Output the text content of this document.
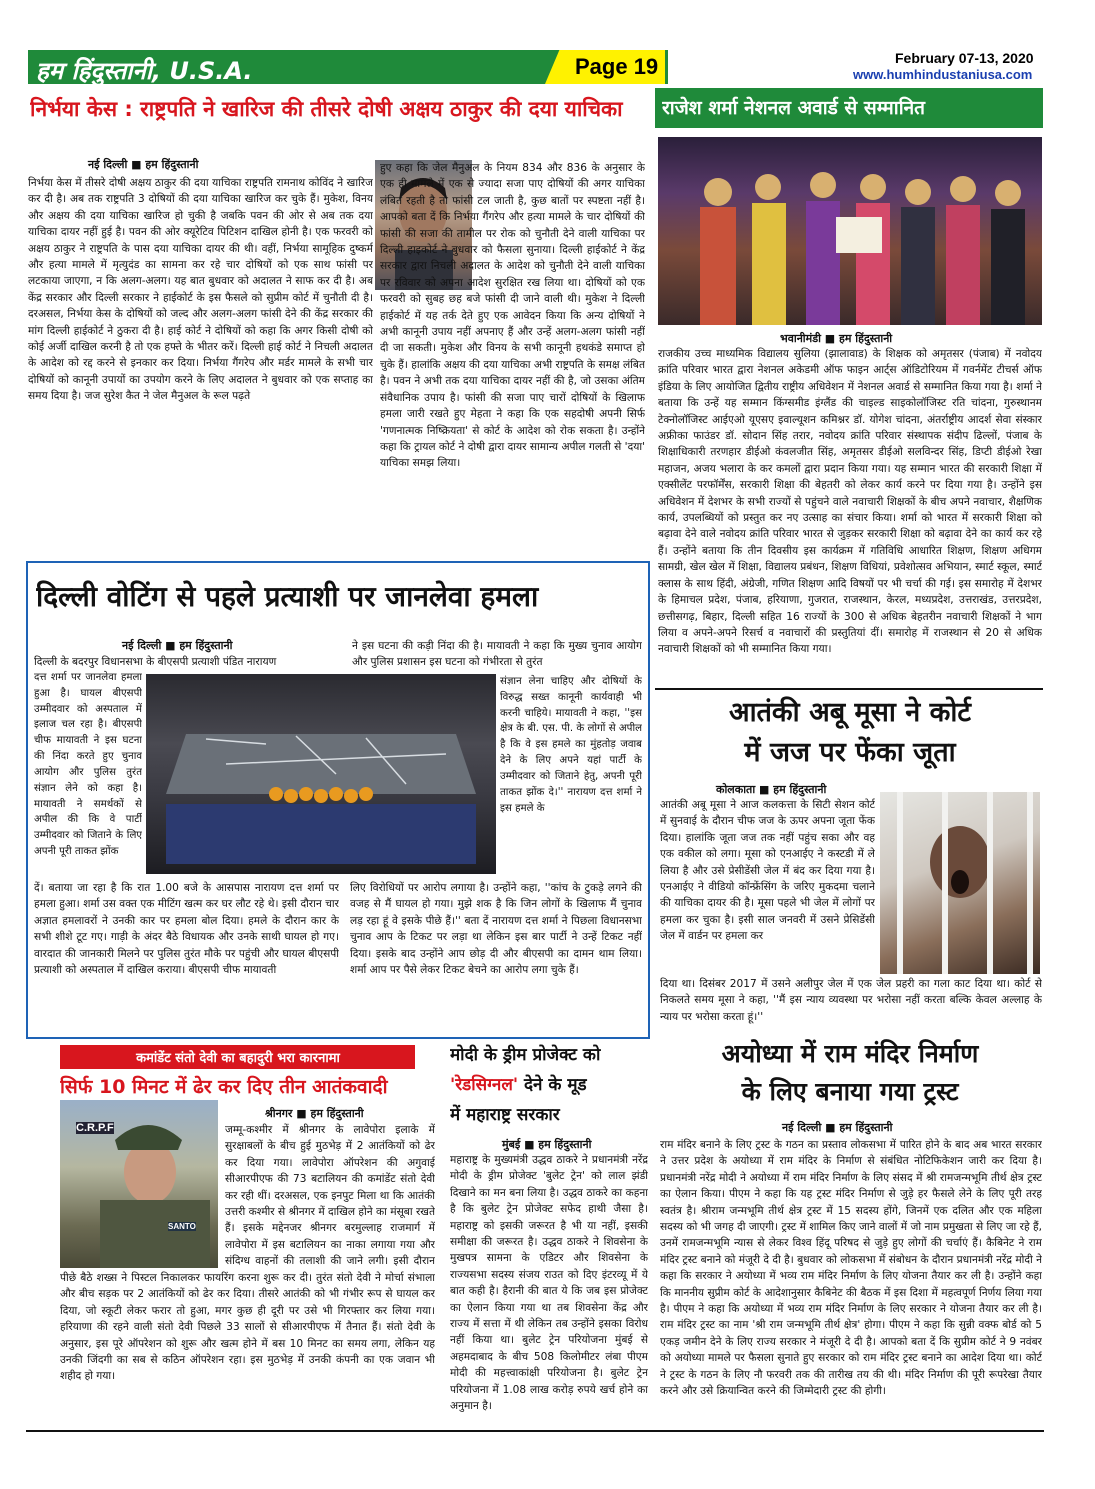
हम हिंदुस्तानी, U.S.A.	Page 19	February 07-13, 2020
www.humhindustaniusa.com
निर्भया केस : राष्ट्रपति ने खारिज की तीसरे दोषी अक्षय ठाकुर की दया याचिका
नई दिल्ली ■ हम हिंदुस्तानी
निर्भया केस में तीसरे दोषी अक्षय ठाकुर की दया याचिका राष्ट्रपति रामनाथ कोविंद ने खारिज कर दी है। अब तक राष्ट्रपति 3 दोषियों की दया याचिका खारिज कर चुके हैं। मुकेश, विनय और अक्षय की दया याचिका खारिज हो चुकी है जबकि पवन की ओर से अब तक दया याचिका दायर नहीं हुई है। पवन की ओर क्यूरेटिव पिटिशन दाखिल होनी है। एक फरवरी को अक्षय ठाकुर ने राष्ट्रपति के पास दया याचिका दायर की थी। वहीं, निर्भया सामूहिक दुष्कर्म और हत्या मामले में मृत्युदंड का सामना कर रहे चार दोषियों को एक साथ फांसी पर लटकाया जाएगा, न कि अलग-अलग। यह बात बुधवार को अदालत ने साफ कर दी है। अब केंद्र सरकार और दिल्ली सरकार ने हाईकोर्ट के इस फैसले को सुप्रीम कोर्ट में चुनौती दी है। दरअसल, निर्भया केस के दोषियों को जल्द और अलग-अलग फांसी देने की केंद्र सरकार की मांग दिल्ली हाईकोर्ट ने ठुकरा दी है। हाई कोर्ट ने दोषियों को कहा कि अगर किसी दोषी को कोई अर्जी दाखिल करनी है तो एक हफ्ते के भीतर करें। दिल्ली हाई कोर्ट ने निचली अदालत के आदेश को रद्द करने से इनकार कर दिया। निर्भया गैंगरेप और मर्डर मामले के सभी चार दोषियों को कानूनी उपायों का उपयोग करने के लिए अदालत ने बुधवार को एक सप्ताह का समय दिया है। जज सुरेश कैत ने जेल मैनुअल के रूल पढ़ते
हुए कहा कि जेल मैनुअल के नियम 834 और 836 के अनुसार के एक ही मामले में एक से ज्यादा सजा पाए दोषियों की अगर याचिका लंबित रहती है तो फांसी टल जाती है, कुछ बातों पर स्पष्टता नहीं है। आपको बता दें कि निर्भया गैंगरेप और हत्या मामले के चार दोषियों की फांसी की सजा की तामील पर रोक को चुनौती देने वाली याचिका पर दिल्ली हाइकोर्ट ने बुधवार को फैसला सुनाया। दिल्ली हाईकोर्ट ने केंद्र सरकार द्वारा निचली अदालत के आदेश को चुनौती देने वाली याचिका पर रविवार को अपना आदेश सुरक्षित रख लिया था। दोषियों को एक फरवरी को सुबह छह बजे फांसी दी जाने वाली थी। मुकेश ने दिल्ली हाईकोर्ट में यह तर्क देते हुए एक आवेदन किया कि अन्य दोषियों ने अभी कानूनी उपाय नहीं अपनाए हैं और उन्हें अलग-अलग फांसी नहीं दी जा सकती। मुकेश और विनय के सभी कानूनी हथकंडे समाप्त हो चुके हैं। हालांकि अक्षय की दया याचिका अभी राष्ट्रपति के समक्ष लंबित है। पवन ने अभी तक दया याचिका दायर नहीं की है, जो उसका अंतिम संवैधानिक उपाय है। फांसी की सजा पाए चारों दोषियों के खिलाफ हमला जारी रखते हुए मेहता ने कहा कि एक सहदोषी अपनी सिर्फ 'गणनात्मक निष्क्रियता' से कोर्ट के आदेश को रोक सकता है। उन्होंने कहा कि ट्रायल कोर्ट ने दोषी द्वारा दायर सामान्य अपील गलती से 'दया' याचिका समझ लिया।
राजेश शर्मा नेशनल अवार्ड से सम्मानित
भवानीमंडी ■ हम हिंदुस्तानी
राजकीय उच्च माध्यमिक विद्यालय सुलिया (झालावाड) के शिक्षक को अमृतसर (पंजाब) में नवोदय क्रांति परिवार भारत द्वारा नेशनल अकेडमी ऑफ फाइन आर्ट्स ऑडिटोरियम में गवर्नमेंट टीचर्स ऑफ इंडिया के लिए आयोजित द्वितीय राष्ट्रीय अधिवेशन में नेशनल अवार्ड से सम्मानित किया गया है। शर्मा ने बताया कि उन्हें यह सम्मान किंग्समीड इंग्लैंड की चाइल्ड साइकोलॉजिस्ट रति चांदना, गुरुस्थानम टेक्नोलॉजिस्ट आईएओ यूएसए इवाल्यूशन कमिश्नर डॉ. योगेश चांदना, अंतर्राष्ट्रीय आदर्श सेवा संस्कार अफ्रीका फाउंडर डॉ. सोदान सिंह तरार, नवोदय क्रांति परिवार संस्थापक संदीप ढिल्लों, पंजाब के शिक्षाधिकारी तरणहार डीईओ कंवलजीत सिंह, अमृतसर डीईओ सलविन्दर सिंह, डिप्टी डीईओ रेखा महाजन, अजय भलारा के कर कमलों द्वारा प्रदान किया गया। यह सम्मान भारत की सरकारी शिक्षा में एक्सीलेंट परफॉर्मेंस, सरकारी शिक्षा की बेहतरी को लेकर कार्य करने पर दिया गया है। उन्होंने इस अधिवेशन में देशभर के सभी राज्यों से पहुंचने वाले नवाचारी शिक्षकों के बीच अपने नवाचार, शैक्षणिक कार्य, उपलब्धियों को प्रस्तुत कर नए उत्साह का संचार किया। शर्मा को भारत में सरकारी शिक्षा को बढ़ावा देने वाले नवोदय क्रांति परिवार भारत से जुड़कर सरकारी शिक्षा को बढ़ावा देने का कार्य कर रहे हैं। उन्होंने बताया कि तीन दिवसीय इस कार्यक्रम में गतिविधि आधारित शिक्षण, शिक्षण अधिगम सामग्री, खेल खेल में शिक्षा, विद्यालय प्रबंधन, शिक्षण विधियां, प्रवेशोत्सव अभियान, स्मार्ट स्कूल, स्मार्ट क्लास के साथ हिंदी, अंग्रेजी, गणित शिक्षण आदि विषयों पर भी चर्चा की गई। इस समारोह में देशभर के हिमाचल प्रदेश, पंजाब, हरियाणा, गुजरात, राजस्थान, केरल, मध्यप्रदेश, उत्तराखंड, उत्तरप्रदेश, छत्तीसगढ़, बिहार, दिल्ली सहित 16 राज्यों के 300 से अधिक बेहतरीन नवाचारी शिक्षकों ने भाग लिया व अपने-अपने रिसर्च व नवाचारों की प्रस्तुतियां दीं। समारोह में राजस्थान से 20 से अधिक नवाचारी शिक्षकों को भी सम्मानित किया गया।
दिल्ली वोटिंग से पहले प्रत्याशी पर जानलेवा हमला
नई दिल्ली ■ हम हिंदुस्तानी
दिल्ली के बदरपुर विधानसभा के बीएसपी प्रत्याशी पंडित नारायण
दत्त शर्मा पर जानलेवा हमला हुआ है। घायल बीएसपी उम्मीदवार को अस्पताल में इलाज चल रहा है। बीएसपी चीफ मायावती ने इस घटना की निंदा करते हुए चुनाव आयोग और पुलिस तुरंत संज्ञान लेने को कहा है। मायावती ने समर्थकों से अपील की कि वे पार्टी उम्मीदवार को जिताने के लिए अपनी पूरी ताकत झोंक
ने इस घटना की कड़ी निंदा की है। मायावती ने कहा कि मुख्य चुनाव आयोग और पुलिस प्रशासन इस घटना को गंभीरता से तुरंत
संज्ञान लेना चाहिए और दोषियों के विरुद्ध सख्त कानूनी कार्यवाही भी करनी चाहिये। मायावती ने कहा, ''इस क्षेत्र के बी. एस. पी. के लोगों से अपील है कि वे इस हमले का मुंहतोड़ जवाब देने के लिए अपने यहां पार्टी के उम्मीदवार को जिताने हेतु, अपनी पूरी ताकत झोंक दे।'' नारायण दत्त शर्मा ने इस हमले के
दें। बताया जा रहा है कि रात 1.00 बजे के आसपास नारायण दत्त शर्मा पर हमला हुआ। शर्मा उस वक्त एक मीटिंग खत्म कर घर लौट रहे थे। इसी दौरान चार अज्ञात हमलावरों ने उनकी कार पर हमला बोल दिया। हमले के दौरान कार के सभी शीशे टूट गए। गाड़ी के अंदर बैठे विधायक और उनके साथी घायल हो गए। वारदात की जानकारी मिलने पर पुलिस तुरंत मौके पर पहुंची और घायल बीएसपी प्रत्याशी को अस्पताल में दाखिल कराया। बीएसपी चीफ मायावती
लिए विरोधियों पर आरोप लगाया है। उन्होंने कहा, ''कांच के टुकड़े लगने की वजह से मैं घायल हो गया। मुझे शक है कि जिन लोगों के खिलाफ मैं चुनाव लड़ रहा हूं वे इसके पीछे हैं।'' बता दें नारायण दत्त शर्मा ने पिछला विधानसभा चुनाव आप के टिकट पर लड़ा था लेकिन इस बार पार्टी ने उन्हें टिकट नहीं दिया। इसके बाद उन्होंने आप छोड़ दी और बीएसपी का दामन थाम लिया। शर्मा आप पर पैसे लेकर टिकट बेचने का आरोप लगा चुके हैं।
आतंकी अबू मूसा ने कोर्ट
में जज पर फेंका जूता
कोलकाता ■ हम हिंदुस्तानी
आतंकी अबू मूसा ने आज कलकत्ता के सिटी सेशन कोर्ट में सुनवाई के दौरान चीफ जज के ऊपर अपना जूता फेंक दिया। हालांकि जूता जज तक नहीं पहुंच सका और वह एक वकील को लगा। मूसा को एनआईए ने कस्टडी में ले लिया है और उसे प्रेसीडेंसी जेल में बंद कर दिया गया है। एनआईए ने वीडियो कॉन्फ्रेंसिंग के जरिए मुकदमा चलाने की याचिका दायर की है। मूसा पहले भी जेल में लोगों पर हमला कर चुका है। इसी साल जनवरी में उसने प्रेसिडेंसी जेल में वार्डन पर हमला कर
दिया था। दिसंबर 2017 में उसने अलीपुर जेल में एक जेल प्रहरी का गला काट दिया था। कोर्ट से निकलते समय मूसा ने कहा, ''मैं इस न्याय व्यवस्था पर भरोसा नहीं करता बल्कि केवल अल्लाह के न्याय पर भरोसा करता हूं।''
कमांडेंट संतो देवी का बहादुरी भरा कारनामा
सिर्फ 10 मिनट में ढेर कर दिए तीन आतंकवादी
श्रीनगर ■ हम हिंदुस्तानी
C.R.P.F
SANTO
जम्मू-कश्मीर में श्रीनगर के लावेपोरा इलाके में सुरक्षाबलों के बीच हुई मुठभेड़ में 2 आतंकियों को ढेर कर दिया गया। लावेपोरा ऑपरेशन की अगुवाई सीआरपीएफ की 73 बटालियन की कमांडेंट संतो देवी कर रही थीं। दरअसल, एक इनपुट मिला था कि आतंकी उत्तरी कश्मीर से श्रीनगर में दाखिल होने का मंसूबा रखते हैं। इसके मद्देनजर श्रीनगर बरमुल्लाह राजमार्ग में लावेपोरा में इस बटालियन का नाका लगाया गया और संदिग्ध वाहनों की तलाशी की जाने लगी। इसी दौरान
पीछे बैठे शख्स ने पिस्टल निकालकर फायरिंग करना शुरू कर दी। तुरंत संतो देवी ने मोर्चा संभाला और बीच सड़क पर 2 आतंकियों को ढेर कर दिया। तीसरे आतंकी को भी गंभीर रूप से घायल कर दिया, जो स्कूटी लेकर फरार तो हुआ, मगर कुछ ही दूरी पर उसे भी गिरफ्तार कर लिया गया। हरियाणा की रहने वाली संतो देवी पिछले 33 सालों से सीआरपीएफ में तैनात हैं। संतो देवी के अनुसार, इस पूरे ऑपरेशन को शुरू और खत्म होने में बस 10 मिनट का समय लगा, लेकिन यह उनकी जिंदगी का सब से कठिन ऑपरेशन रहा। इस मुठभेड़ में उनकी कंपनी का एक जवान भी शहीद हो गया।
मोदी के ड्रीम प्रोजेक्ट को
'रेडसिग्नल' देने के मूड
में महाराष्ट्र सरकार
मुंबई ■ हम हिंदुस्तानी
महाराष्ट्र के मुख्यमंत्री उद्धव ठाकरे ने प्रधानमंत्री नरेंद्र मोदी के ड्रीम प्रोजेक्ट 'बुलेट ट्रेन' को लाल झंडी दिखाने का मन बना लिया है। उद्धव ठाकरे का कहना है कि बुलेट ट्रेन प्रोजेक्ट सफेद हाथी जैसा है। महाराष्ट्र को इसकी जरूरत है भी या नहीं, इसकी समीक्षा की जरूरत है। उद्धव ठाकरे ने शिवसेना के मुखपत्र सामना के एडिटर और शिवसेना के राज्यसभा सदस्य संजय राउत को दिए इंटरव्यू में ये बात कही है। हैरानी की बात ये कि जब इस प्रोजेक्ट का ऐलान किया गया था तब शिवसेना केंद्र और राज्य में सत्ता में थी लेकिन तब उन्होंने इसका विरोध नहीं किया था। बुलेट ट्रेन परियोजना मुंबई से अहमदाबाद के बीच 508 किलोमीटर लंबा पीएम मोदी की महत्त्वाकांक्षी परियोजना है। बुलेट ट्रेन परियोजना में 1.08 लाख करोड़ रुपये खर्च होने का अनुमान है।
अयोध्या में राम मंदिर निर्माण
के लिए बनाया गया ट्रस्ट
नई दिल्ली ■ हम हिंदुस्तानी
राम मंदिर बनाने के लिए ट्रस्ट के गठन का प्रस्ताव लोकसभा में पारित होने के बाद अब भारत सरकार ने उत्तर प्रदेश के अयोध्या में राम मंदिर के निर्माण से संबंधित नोटिफिकेशन जारी कर दिया है। प्रधानमंत्री नरेंद्र मोदी ने अयोध्या में राम मंदिर निर्माण के लिए संसद में श्री रामजन्मभूमि तीर्थ क्षेत्र ट्रस्ट का ऐलान किया। पीएम ने कहा कि यह ट्रस्ट मंदिर निर्माण से जुड़े हर फैसले लेने के लिए पूरी तरह स्वतंत्र है। श्रीराम जन्मभूमि तीर्थ क्षेत्र ट्रस्ट में 15 सदस्य होंगे, जिनमें एक दलित और एक महिला सदस्य को भी जगह दी जाएगी। ट्रस्ट में शामिल किए जाने वालों में जो नाम प्रमुखता से लिए जा रहे हैं, उनमें रामजन्मभूमि न्यास से लेकर विश्व हिंदू परिषद से जुड़े हुए लोगों की चर्चाएं हैं। कैबिनेट ने राम मंदिर ट्रस्ट बनाने को मंजूरी दे दी है। बुधवार को लोकसभा में संबोधन के दौरान प्रधानमंत्री नरेंद्र मोदी ने कहा कि सरकार ने अयोध्या में भव्य राम मंदिर निर्माण के लिए योजना तैयार कर ली है। उन्होंने कहा कि माननीय सुप्रीम कोर्ट के आदेशानुसार कैबिनेट की बैठक में इस दिशा में महत्वपूर्ण निर्णय लिया गया है। पीएम ने कहा कि अयोध्या में भव्य राम मंदिर निर्माण के लिए सरकार ने योजना तैयार कर ली है। राम मंदिर ट्रस्ट का नाम 'श्री राम जन्मभूमि तीर्थ क्षेत्र' होगा। पीएम ने कहा कि सुन्नी वक्फ बोर्ड को 5 एकड़ जमीन देने के लिए राज्य सरकार ने मंजूरी दे दी है। आपको बता दें कि सुप्रीम कोर्ट ने 9 नवंबर को अयोध्या मामले पर फैसला सुनाते हुए सरकार को राम मंदिर ट्रस्ट बनाने का आदेश दिया था। कोर्ट ने ट्रस्ट के गठन के लिए नौ फरवरी तक की तारीख तय की थी। मंदिर निर्माण की पूरी रूपरेखा तैयार करने और उसे क्रियान्वित करने की जिम्मेदारी ट्रस्ट की होगी।
